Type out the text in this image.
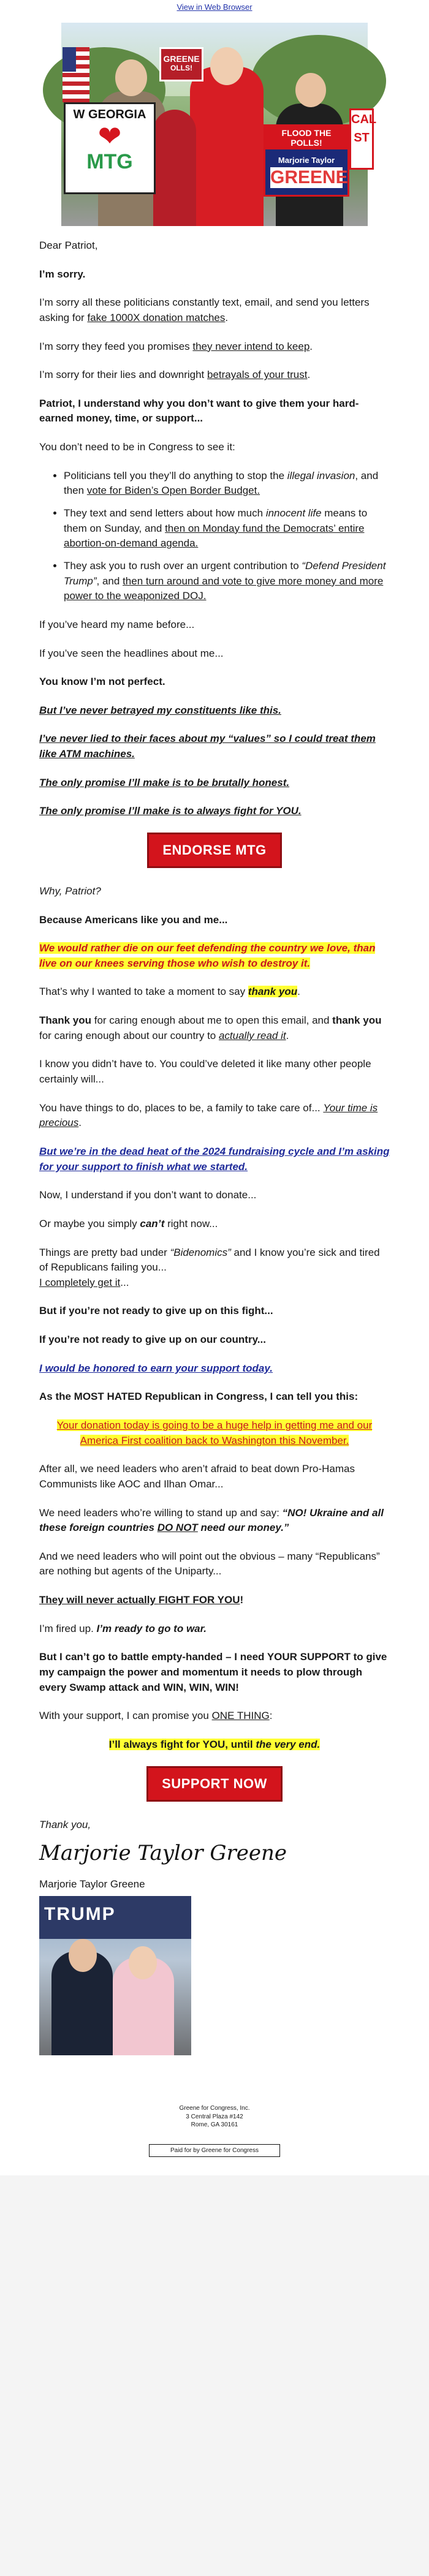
View in Web Browser
W GEORGIA
❤
MTG
GREENE
OLLS!
FLOOD THE POLLS!
Marjorie Taylor
GREENE
CAL ST

Dear Patriot,

I’m sorry.

I’m sorry all these politicians constantly text, email, and send you letters asking for fake 1000X donation matches.

I’m sorry they feed you promises they never intend to keep.

I’m sorry for their lies and downright betrayals of your trust.

Patriot, I understand why you don’t want to give them your hard-earned money, time, or support...

You don’t need to be in Congress to see it:

• Politicians tell you they’ll do anything to stop the illegal invasion, and then vote for Biden’s Open Border Budget.
• They text and send letters about how much innocent life means to them on Sunday, and then on Monday fund the Democrats’ entire abortion-on-demand agenda.
• They ask you to rush over an urgent contribution to “Defend President Trump”, and then turn around and vote to give more money and more power to the weaponized DOJ.

If you’ve heard my name before...

If you’ve seen the headlines about me...

You know I’m not perfect.

But I’ve never betrayed my constituents like this.

I’ve never lied to their faces about my “values” so I could treat them like ATM machines.

The only promise I’ll make is to be brutally honest.

The only promise I’ll make is to always fight for YOU.

ENDORSE MTG

Why, Patriot?

Because Americans like you and me...

We would rather die on our feet defending the country we love, than live on our knees serving those who wish to destroy it.

That’s why I wanted to take a moment to say thank you.

Thank you for caring enough about me to open this email, and thank you for caring enough about our country to actually read it.

I know you didn’t have to. You could’ve deleted it like many other people certainly will...

You have things to do, places to be, a family to take care of... Your time is precious.

But we’re in the dead heat of the 2024 fundraising cycle and I’m asking for your support to finish what we started.

Now, I understand if you don’t want to donate...

Or maybe you simply can’t right now...

Things are pretty bad under “Bidenomics” and I know you’re sick and tired of Republicans failing you...
I completely get it...

But if you’re not ready to give up on this fight...

If you’re not ready to give up on our country...

I would be honored to earn your support today.

As the MOST HATED Republican in Congress, I can tell you this:

Your donation today is going to be a huge help in getting me and our America First coalition back to Washington this November.

After all, we need leaders who aren’t afraid to beat down Pro-Hamas Communists like AOC and Ilhan Omar...

We need leaders who’re willing to stand up and say: “NO! Ukraine and all these foreign countries DO NOT need our money.”

And we need leaders who will point out the obvious – many “Republicans” are nothing but agents of the Uniparty...

They will never actually FIGHT FOR YOU!

I’m fired up. I’m ready to go to war.

But I can’t go to battle empty-handed – I need YOUR SUPPORT to give my campaign the power and momentum it needs to plow through every Swamp attack and WIN, WIN, WIN!

With your support, I can promise you ONE THING:

I’ll always fight for YOU, until the very end.

SUPPORT NOW

Thank you,

Marjorie Taylor Greene

Marjorie Taylor Greene

TRUMP
Greene for Congress, Inc.
3 Central Plaza #142
Rome, GA 30161
Paid for by Greene for Congress
